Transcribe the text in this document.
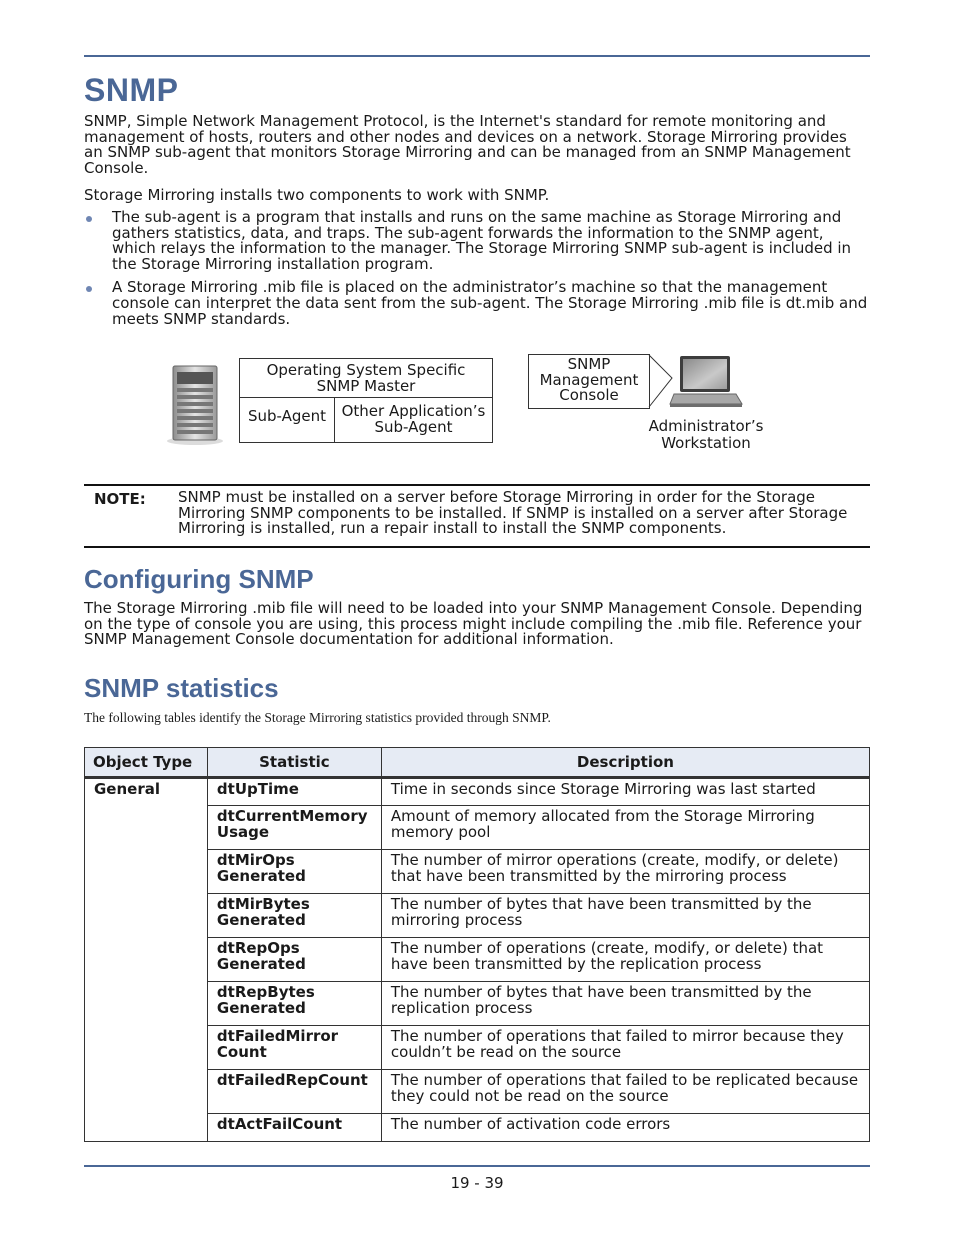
SNMP

SNMP, Simple Network Management Protocol, is the Internet's standard for remote monitoring and management of hosts, routers and other nodes and devices on a network. Storage Mirroring provides an SNMP sub-agent that monitors Storage Mirroring and can be managed from an SNMP Management Console.

Storage Mirroring installs two components to work with SNMP.

The sub-agent is a program that installs and runs on the same machine as Storage Mirroring and gathers statistics, data, and traps. The sub-agent forwards the information to the SNMP agent, which relays the information to the manager. The Storage Mirroring SNMP sub-agent is included in the Storage Mirroring installation program.
A Storage Mirroring .mib file is placed on the administrator’s machine so that the management console can interpret the data sent from the sub-agent. The Storage Mirroring .mib file is dt.mib and meets SNMP standards.
Operating System Specific SNMP Master
Sub-Agent	Other Application’s Sub-Agent
SNMP Management Console
Administrator’s Workstation
NOTE: SNMP must be installed on a server before Storage Mirroring in order for the Storage Mirroring SNMP components to be installed. If SNMP is installed on a server after Storage Mirroring is installed, run a repair install to install the SNMP components.
Configuring SNMP

The Storage Mirroring .mib file will need to be loaded into your SNMP Management Console. Depending on the type of console you are using, this process might include compiling the .mib file. Reference your SNMP Management Console documentation for additional information.

SNMP statistics

The following tables identify the Storage Mirroring statistics provided through SNMP.

Object Type	Statistic	Description
General	dtUpTime	Time in seconds since Storage Mirroring was last started
	dtCurrentMemory Usage	Amount of memory allocated from the Storage Mirroring memory pool
	dtMirOps Generated	The number of mirror operations (create, modify, or delete) that have been transmitted by the mirroring process
	dtMirBytes Generated	The number of bytes that have been transmitted by the mirroring process
	dtRepOps Generated	The number of operations (create, modify, or delete) that have been transmitted by the replication process
	dtRepBytes Generated	The number of bytes that have been transmitted by the replication process
	dtFailedMirror Count	The number of operations that failed to mirror because they couldn’t be read on the source
	dtFailedRepCount	The number of operations that failed to be replicated because they could not be read on the source
	dtActFailCount	The number of activation code errors
19 - 39
